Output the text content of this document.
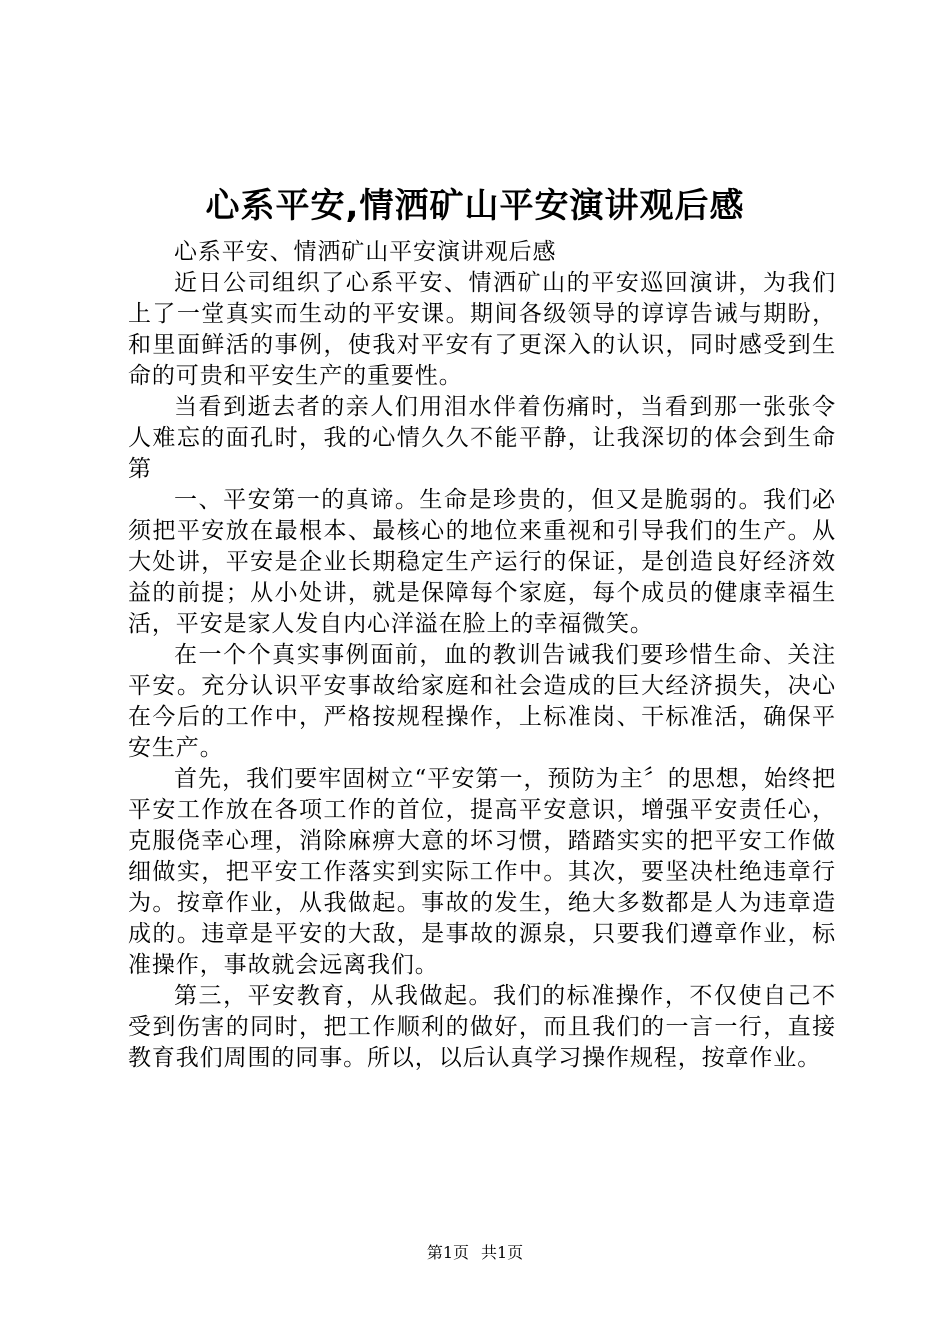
心系平安,情洒矿山平安演讲观后感

心系平安、情洒矿山平安演讲观后感

近日公司组织了心系平安、情洒矿山的平安巡回演讲，为我们上了一堂真实而生动的平安课。期间各级领导的谆谆告诫与期盼，和里面鲜活的事例，使我对平安有了更深入的认识，同时感受到生命的可贵和平安生产的重要性。

当看到逝去者的亲人们用泪水伴着伤痛时，当看到那一张张令人难忘的面孔时，我的心情久久不能平静，让我深切的体会到生命第

一、平安第一的真谛。生命是珍贵的，但又是脆弱的。我们必须把平安放在最根本、最核心的地位来重视和引导我们的生产。从大处讲，平安是企业长期稳定生产运行的保证，是创造良好经济效益的前提；从小处讲，就是保障每个家庭，每个成员的健康幸福生活，平安是家人发自内心洋溢在脸上的幸福微笑。

在一个个真实事例面前，血的教训告诫我们要珍惜生命、关注平安。充分认识平安事故给家庭和社会造成的巨大经济损失，决心在今后的工作中，严格按规程操作，上标准岗、干标准活，确保平安生产。

首先，我们要牢固树立“平安第一，预防为主〞的思想，始终把平安工作放在各项工作的首位，提高平安意识，增强平安责任心，克服侥幸心理，消除麻痹大意的坏习惯，踏踏实实的把平安工作做细做实，把平安工作落实到实际工作中。其次，要坚决杜绝违章行为。按章作业，从我做起。事故的发生，绝大多数都是人为违章造成的。违章是平安的大敌，是事故的源泉，只要我们遵章作业，标准操作，事故就会远离我们。

第三，平安教育，从我做起。我们的标准操作，不仅使自己不受到伤害的同时，把工作顺利的做好，而且我们的一言一行，直接教育我们周围的同事。所以，以后认真学习操作规程，按章作业。

第1页 共1页
